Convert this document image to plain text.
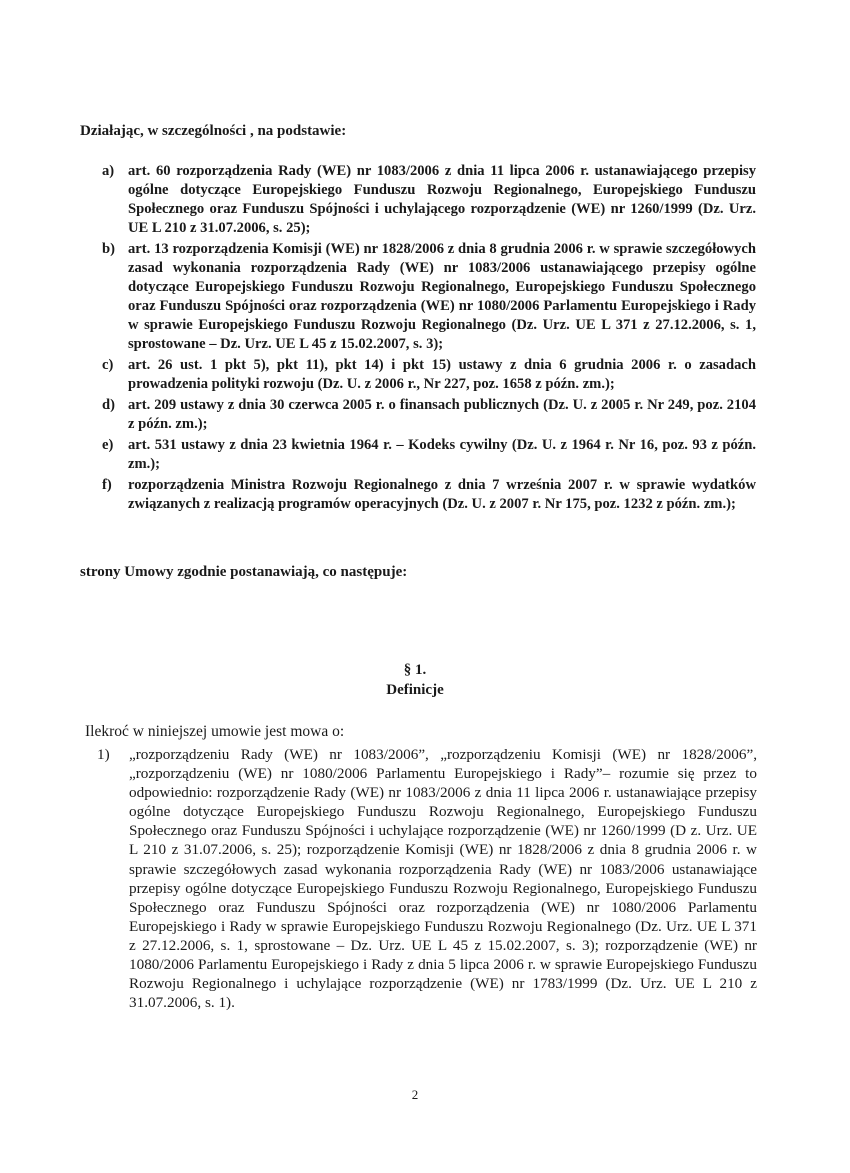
Działając, w szczególności , na podstawie:
a) art. 60 rozporządzenia Rady (WE) nr 1083/2006 z dnia 11 lipca 2006 r. ustanawiającego przepisy ogólne dotyczące Europejskiego Funduszu Rozwoju Regionalnego, Europejskiego Funduszu Społecznego oraz Funduszu Spójności i uchylającego rozporządzenie (WE) nr 1260/1999 (Dz. Urz. UE L 210 z 31.07.2006, s. 25);
b) art. 13 rozporządzenia Komisji (WE) nr 1828/2006 z dnia 8 grudnia 2006 r. w sprawie szczegółowych zasad wykonania rozporządzenia Rady (WE) nr 1083/2006 ustanawiającego przepisy ogólne dotyczące Europejskiego Funduszu Rozwoju Regionalnego, Europejskiego Funduszu Społecznego oraz Funduszu Spójności oraz rozporządzenia (WE) nr 1080/2006 Parlamentu Europejskiego i Rady w sprawie Europejskiego Funduszu Rozwoju Regionalnego (Dz. Urz. UE L 371 z 27.12.2006, s. 1, sprostowane – Dz. Urz. UE L 45 z 15.02.2007, s. 3);
c)	art. 26 ust. 1 pkt 5), pkt 11), pkt 14) i pkt 15) ustawy z dnia 6 grudnia 2006 r. o zasadach prowadzenia polityki rozwoju (Dz. U. z 2006 r., Nr 227, poz. 1658 z późn. zm.);
d) art. 209 ustawy z dnia 30 czerwca 2005 r. o finansach publicznych (Dz. U. z 2005 r. Nr 249, poz. 2104 z późn. zm.);
e)	art. 531 ustawy z dnia 23 kwietnia 1964 r. – Kodeks cywilny (Dz. U. z 1964 r. Nr 16, poz. 93 z późn. zm.);
f)	rozporządzenia Ministra Rozwoju Regionalnego z dnia 7 września 2007 r. w sprawie wydatków związanych z realizacją programów operacyjnych (Dz. U. z 2007 r. Nr 175, poz. 1232 z późn. zm.);
strony Umowy zgodnie postanawiają, co następuje:
§ 1.
Definicje
Ilekroć w niniejszej umowie jest mowa o:
1)	„rozporządzeniu Rady (WE) nr 1083/2006”, „rozporządzeniu Komisji (WE) nr 1828/2006”, „rozporządzeniu (WE) nr 1080/2006 Parlamentu Europejskiego i Rady”– rozumie się przez to odpowiednio: rozporządzenie Rady (WE) nr 1083/2006 z dnia 11 lipca 2006 r. ustanawiające przepisy ogólne dotyczące Europejskiego Funduszu Rozwoju Regionalnego, Europejskiego Funduszu Społecznego oraz Funduszu Spójności i uchylające rozporządzenie (WE) nr 1260/1999 (D z. Urz. UE L 210 z 31.07.2006, s. 25); rozporządzenie Komisji (WE) nr 1828/2006 z dnia 8 grudnia 2006 r. w sprawie szczegółowych zasad wykonania rozporządzenia Rady (WE) nr 1083/2006 ustanawiające przepisy ogólne dotyczące Europejskiego Funduszu Rozwoju Regionalnego, Europejskiego Funduszu Społecznego oraz Funduszu Spójności oraz rozporządzenia (WE) nr 1080/2006 Parlamentu Europejskiego i Rady w sprawie Europejskiego Funduszu Rozwoju Regionalnego (Dz. Urz. UE L 371 z 27.12.2006, s. 1, sprostowane – Dz. Urz. UE L 45 z 15.02.2007, s. 3); rozporządzenie (WE) nr 1080/2006 Parlamentu Europejskiego i Rady z dnia 5 lipca 2006 r. w sprawie Europejskiego Funduszu Rozwoju Regionalnego i uchylające rozporządzenie (WE) nr 1783/1999 (Dz. Urz. UE L 210 z 31.07.2006, s. 1).
2
